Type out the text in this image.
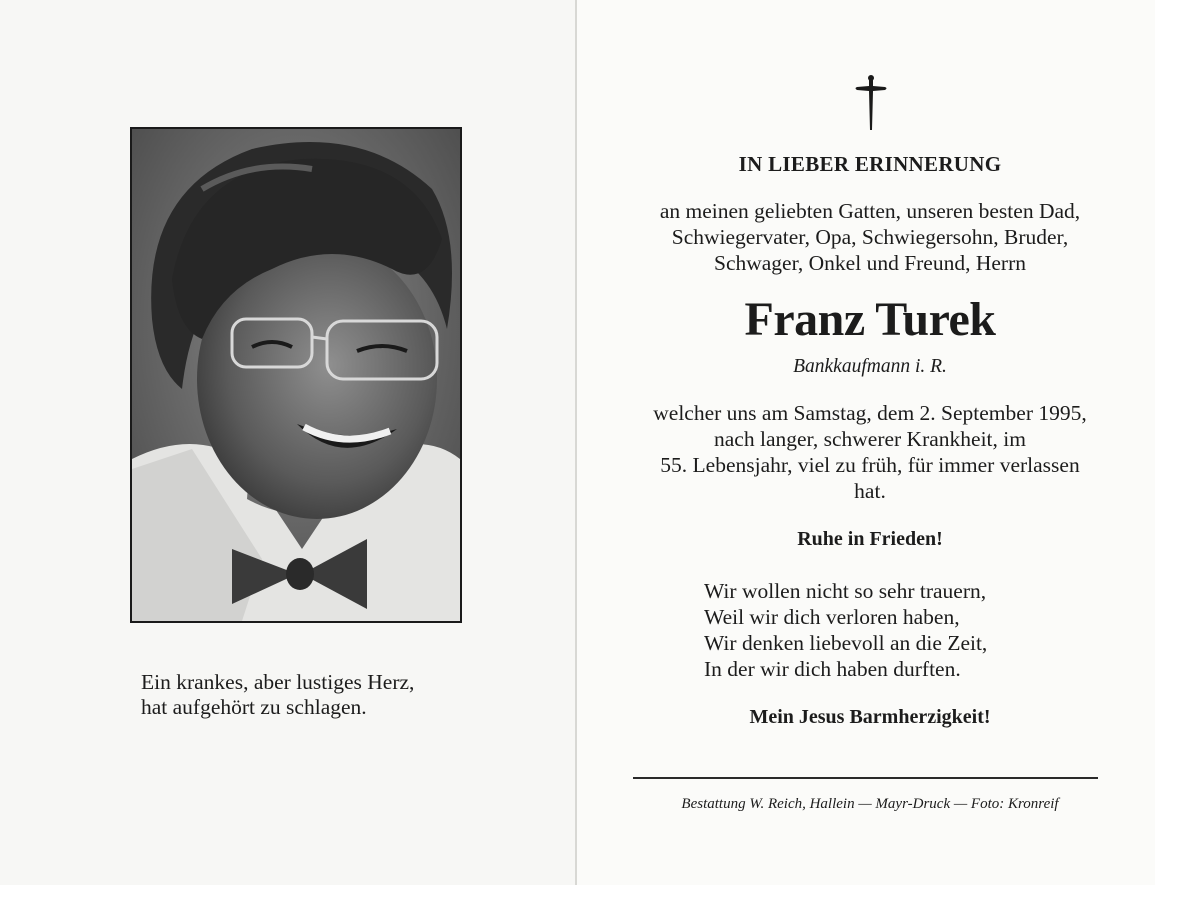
Ein krankes, aber lustiges Herz,
hat aufgehört zu schlagen.
IN LIEBER ERINNERUNG
an meinen geliebten Gatten, unseren besten Dad,
Schwiegervater, Opa, Schwiegersohn, Bruder,
Schwager, Onkel und Freund, Herrn
Franz Turek
Bankkaufmann i. R.
welcher uns am Samstag, dem 2. September 1995,
nach langer, schwerer Krankheit, im
55. Lebensjahr, viel zu früh, für immer verlassen
hat.
Ruhe in Frieden!
Wir wollen nicht so sehr trauern,
Weil wir dich verloren haben,
Wir denken liebevoll an die Zeit,
In der wir dich haben durften.
Mein Jesus Barmherzigkeit!
Bestattung W. Reich, Hallein — Mayr-Druck — Foto: Kronreif
